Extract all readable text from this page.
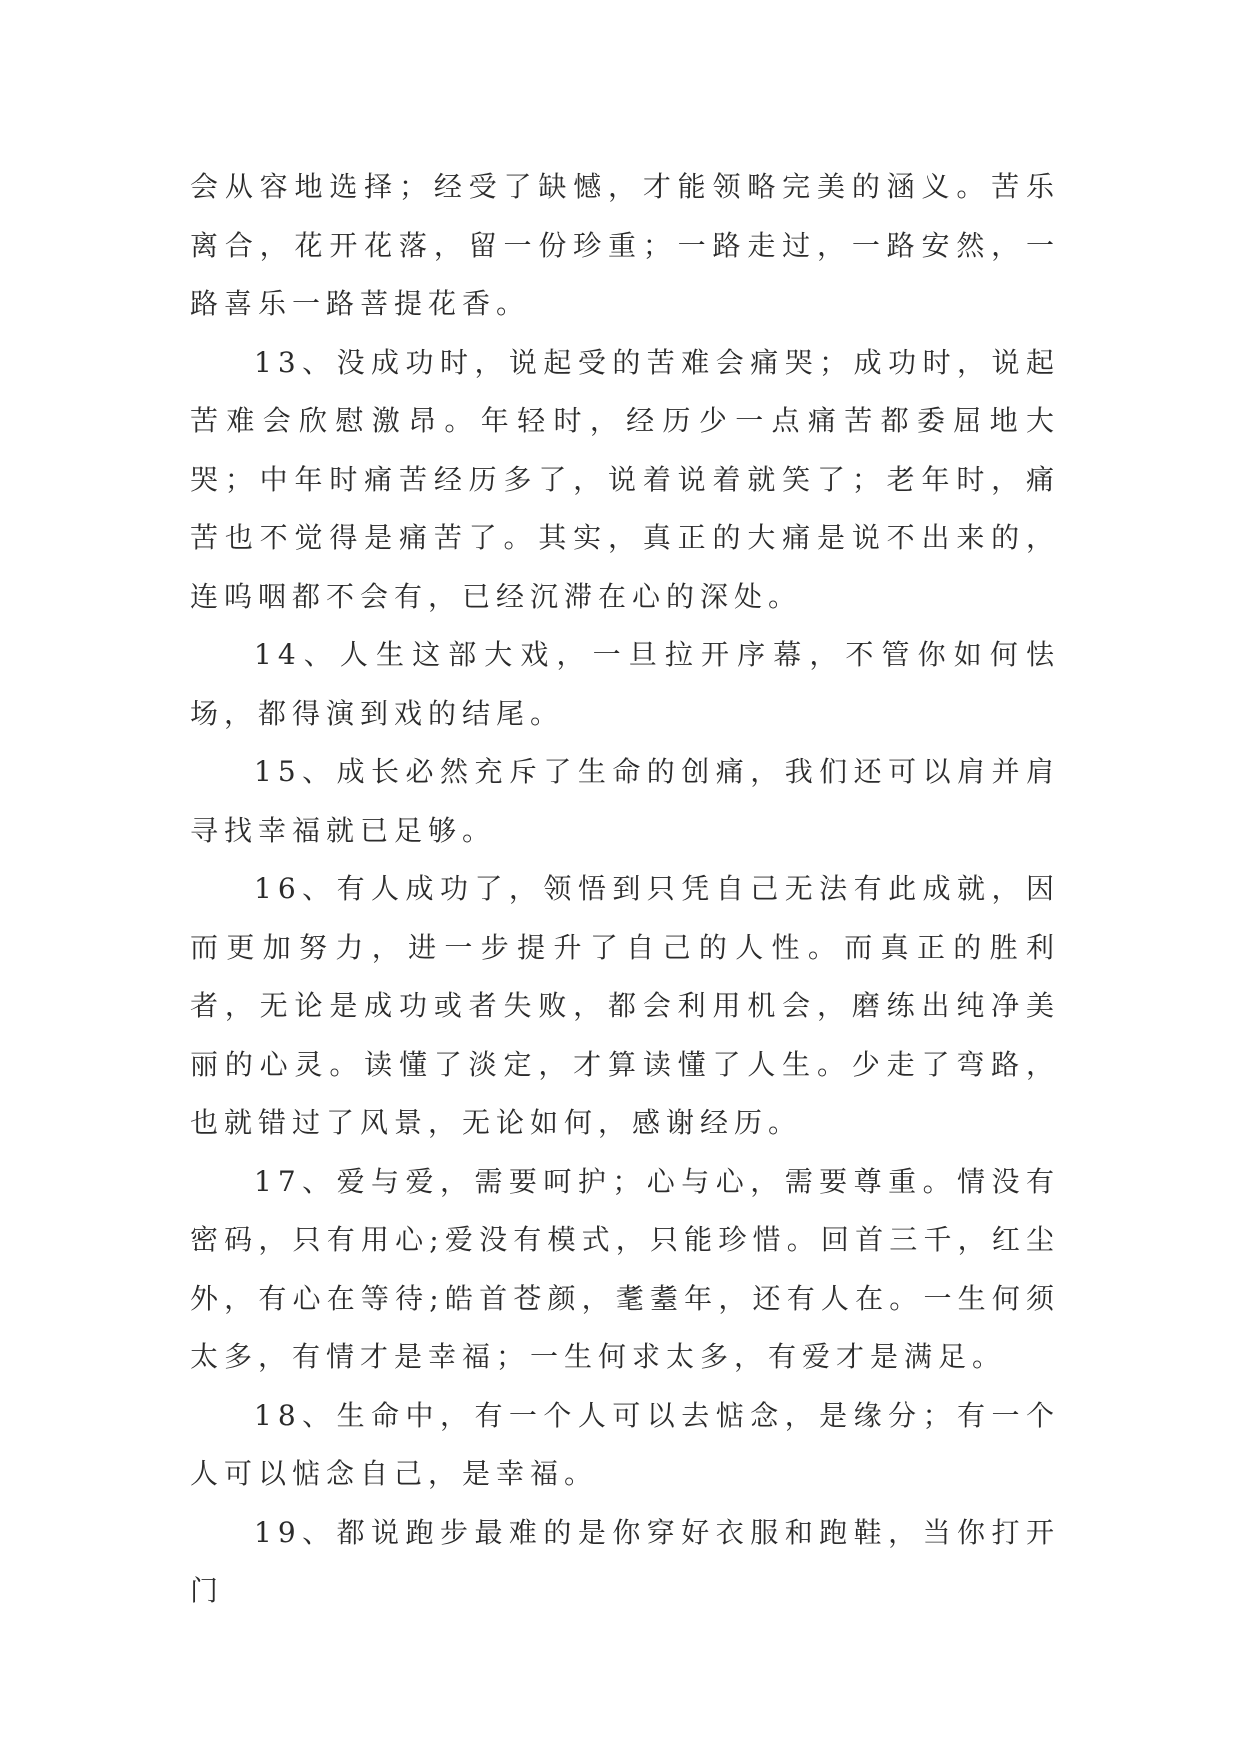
会从容地选择；经受了缺憾，才能领略完美的涵义。苦乐离合，花开花落，留一份珍重；一路走过，一路安然，一路喜乐一路菩提花香。

13、没成功时，说起受的苦难会痛哭；成功时，说起苦难会欣慰激昂。年轻时，经历少一点痛苦都委屈地大哭；中年时痛苦经历多了，说着说着就笑了；老年时，痛苦也不觉得是痛苦了。其实，真正的大痛是说不出来的，连呜咽都不会有，已经沉滞在心的深处。

14、人生这部大戏，一旦拉开序幕，不管你如何怯场，都得演到戏的结尾。

15、成长必然充斥了生命的创痛，我们还可以肩并肩寻找幸福就已足够。

16、有人成功了，领悟到只凭自己无法有此成就，因而更加努力，进一步提升了自己的人性。而真正的胜利者，无论是成功或者失败，都会利用机会，磨练出纯净美丽的心灵。读懂了淡定，才算读懂了人生。少走了弯路，也就错过了风景，无论如何，感谢经历。

17、爱与爱，需要呵护；心与心，需要尊重。情没有密码，只有用心;爱没有模式，只能珍惜。回首三千，红尘外，有心在等待;皓首苍颜，耄耋年，还有人在。一生何须太多，有情才是幸福；一生何求太多，有爱才是满足。

18、生命中，有一个人可以去惦念，是缘分；有一个人可以惦念自己，是幸福。

19、都说跑步最难的是你穿好衣服和跑鞋，当你打开门
